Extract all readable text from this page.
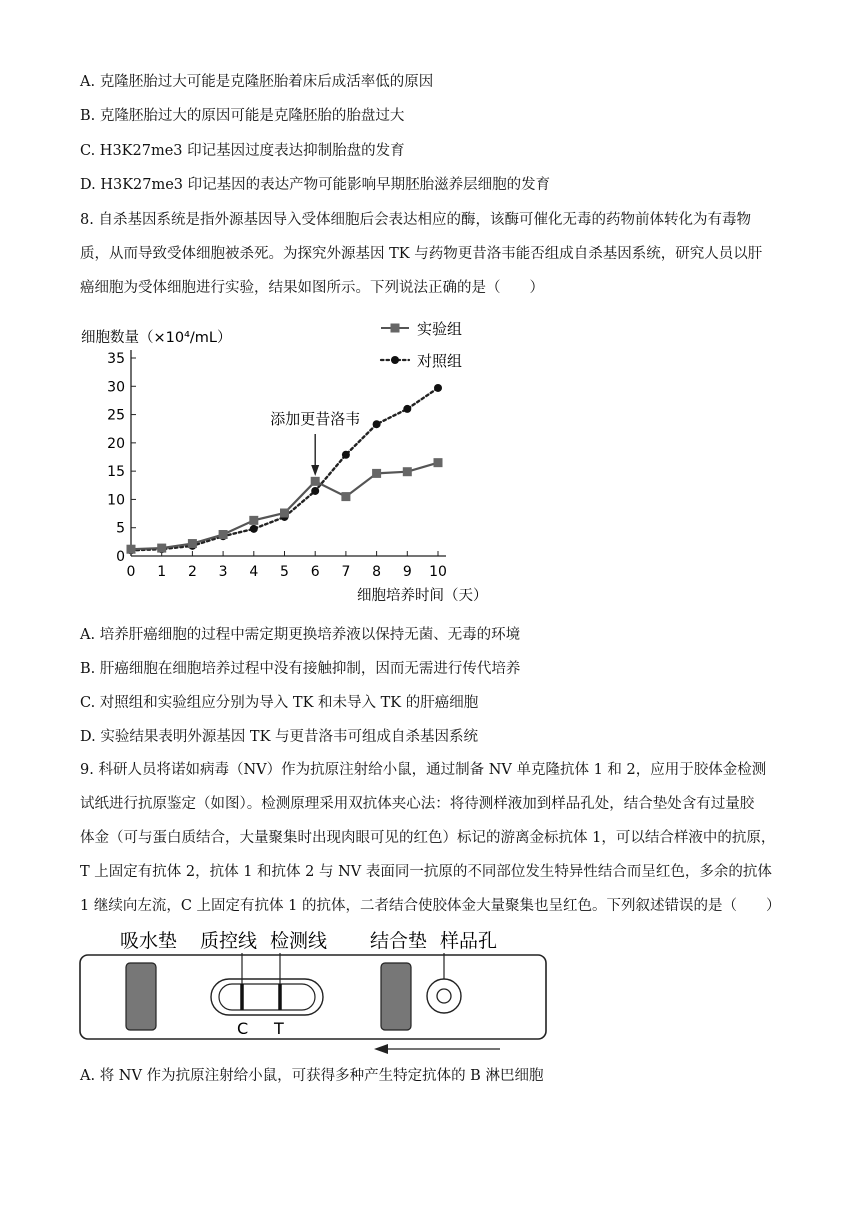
A. 克隆胚胎过大可能是克隆胚胎着床后成活率低的原因
B. 克隆胚胎过大的原因可能是克隆胚胎的胎盘过大
C. H3K27me3 印记基因过度表达抑制胎盘的发育
D. H3K27me3 印记基因的表达产物可能影响早期胚胎滋养层细胞的发育
8. 自杀基因系统是指外源基因导入受体细胞后会表达相应的酶，该酶可催化无毒的药物前体转化为有毒物
质，从而导致受体细胞被杀死。为探究外源基因 TK 与药物更昔洛韦能否组成自杀基因系统，研究人员以肝
癌细胞为受体细胞进行实验，结果如图所示。下列说法正确的是（　　）
细胞数量（×10⁴/mL）
细胞培养时间（天）
0
5
10
15
20
25
30
35
0 1 2 3 4 5 6 7 8 9 10
实验组
对照组
添加更昔洛韦
A. 培养肝癌细胞的过程中需定期更换培养液以保持无菌、无毒的环境
B. 肝癌细胞在细胞培养过程中没有接触抑制，因而无需进行传代培养
C. 对照组和实验组应分别为导入 TK 和未导入 TK 的肝癌细胞
D. 实验结果表明外源基因 TK 与更昔洛韦可组成自杀基因系统
9. 科研人员将诺如病毒（NV）作为抗原注射给小鼠，通过制备 NV 单克隆抗体 1 和 2，应用于胶体金检测
试纸进行抗原鉴定（如图）。检测原理采用双抗体夹心法：将待测样液加到样品孔处，结合垫处含有过量胶
体金（可与蛋白质结合，大量聚集时出现肉眼可见的红色）标记的游离金标抗体 1，可以结合样液中的抗原，
T 上固定有抗体 2，抗体 1 和抗体 2 与 NV 表面同一抗原的不同部位发生特异性结合而呈红色，多余的抗体
1 继续向左流，C 上固定有抗体 1 的抗体，二者结合使胶体金大量聚集也呈红色。下列叙述错误的是（　　）
吸水垫 质控线 检测线 结合垫 样品孔
C T
A. 将 NV 作为抗原注射给小鼠，可获得多种产生特定抗体的 B 淋巴细胞
